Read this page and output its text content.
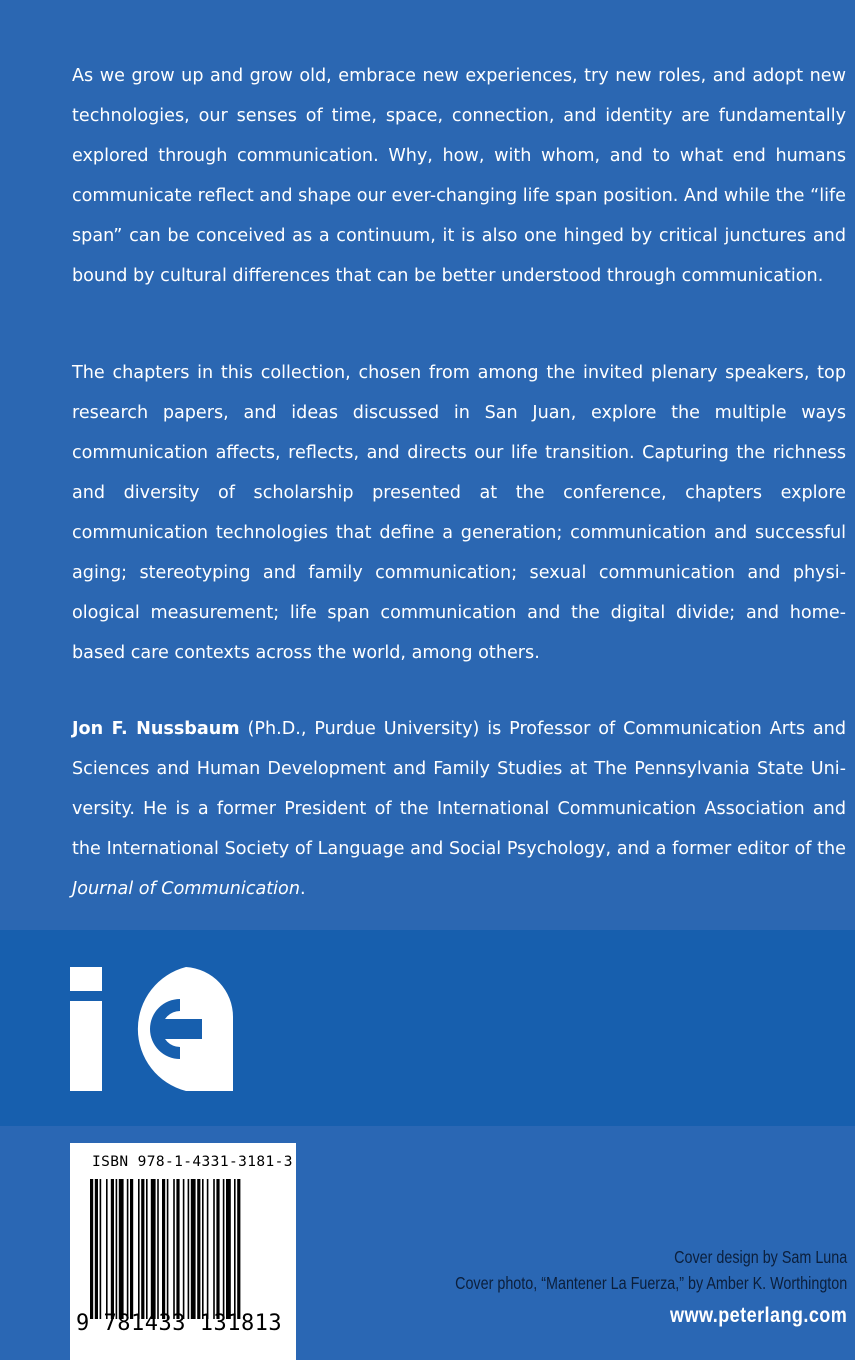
As we grow up and grow old, embrace new experiences, try new roles, and adopt new technologies, our senses of time, space, connection, and identity are fundamentally explored through communication. Why, how, with whom, and to what end humans communicate reflect and shape our ever-changing life span position. And while the “life span” can be conceived as a continuum, it is also one hinged by critical junctures and bound by cultural differences that can be better understood through communication.

The chapters in this collection, chosen from among the invited plenary speakers, top research papers, and ideas discussed in San Juan, explore the multiple ways communication affects, reflects, and directs our life transition. Capturing the richness and diversity of scholarship presented at the conference, chapters explore communication technologies that define a generation; communication and successful aging; stereotyping and family communication; sexual communication and physiological measurement; life span communication and the digital divide; and home-based care contexts across the world, among others.

Jon F. Nussbaum (Ph.D., Purdue University) is Professor of Communication Arts and Sciences and Human Development and Family Studies at The Pennsylvania State University. He is a former President of the International Communication Association and the International Society of Language and Social Psychology, and a former editor of the Journal of Communication.

ISBN 978-1-4331-3181-3
9 781433 131813
Cover design by Sam Luna
Cover photo, “Mantener La Fuerza,” by Amber K. Worthington
www.peterlang.com
